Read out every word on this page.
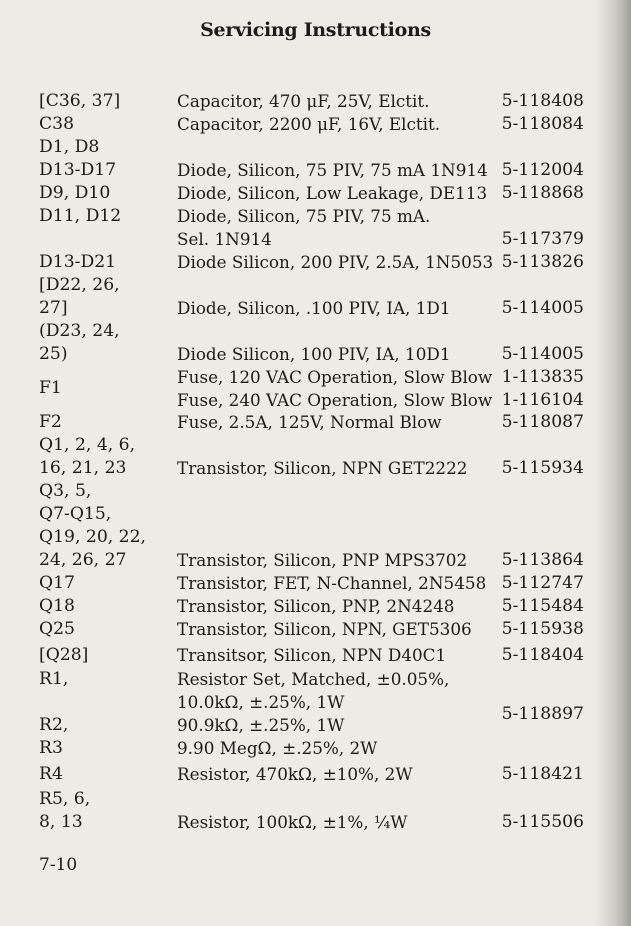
Servicing Instructions
[C36, 37]
C38
D1, D8
D13-D17
D9, D10
D11, D12
D13-D21
[D22, 26,
27]
(D23, 24,
25)
F1
F2
Q1, 2, 4, 6,
16, 21, 23
Q3, 5,
Q7-Q15,
Q19, 20, 22,
24, 26, 27
Q17
Q18
Q25
[Q28]
R1,
R2,
R3
R4
R5, 6,
8, 13
Capacitor, 470 μF, 25V, Elctit.
Capacitor, 2200 μF, 16V, Elctit.
Diode, Silicon, 75 PIV, 75 mA 1N914
Diode, Silicon, Low Leakage, DE113
Diode, Silicon, 75 PIV, 75 mA.
Sel. 1N914
Diode Silicon, 200 PIV, 2.5A, 1N5053
Diode, Silicon, .100 PIV, IA, 1D1
Diode Silicon, 100 PIV, IA, 10D1
Fuse, 120 VAC Operation, Slow Blow
Fuse, 240 VAC Operation, Slow Blow
Fuse, 2.5A, 125V, Normal Blow
Transistor, Silicon, NPN GET2222
Transistor, Silicon, PNP MPS3702
Transistor, FET, N-Channel, 2N5458
Transistor, Silicon, PNP, 2N4248
Transistor, Silicon, NPN, GET5306
Transitsor, Silicon, NPN D40C1
Resistor Set, Matched, ±0.05%,
10.0kΩ, ±.25%, 1W
90.9kΩ, ±.25%, 1W
9.90 MegΩ, ±.25%, 2W
Resistor, 470kΩ, ±10%, 2W
Resistor, 100kΩ, ±1%, ¼W
5-118408
5-118084
5-112004
5-118868
5-117379
5-113826
5-114005
5-114005
1-113835
1-116104
5-118087
5-115934
5-113864
5-112747
5-115484
5-115938
5-118404
5-118897
5-118421
5-115506
7-10
